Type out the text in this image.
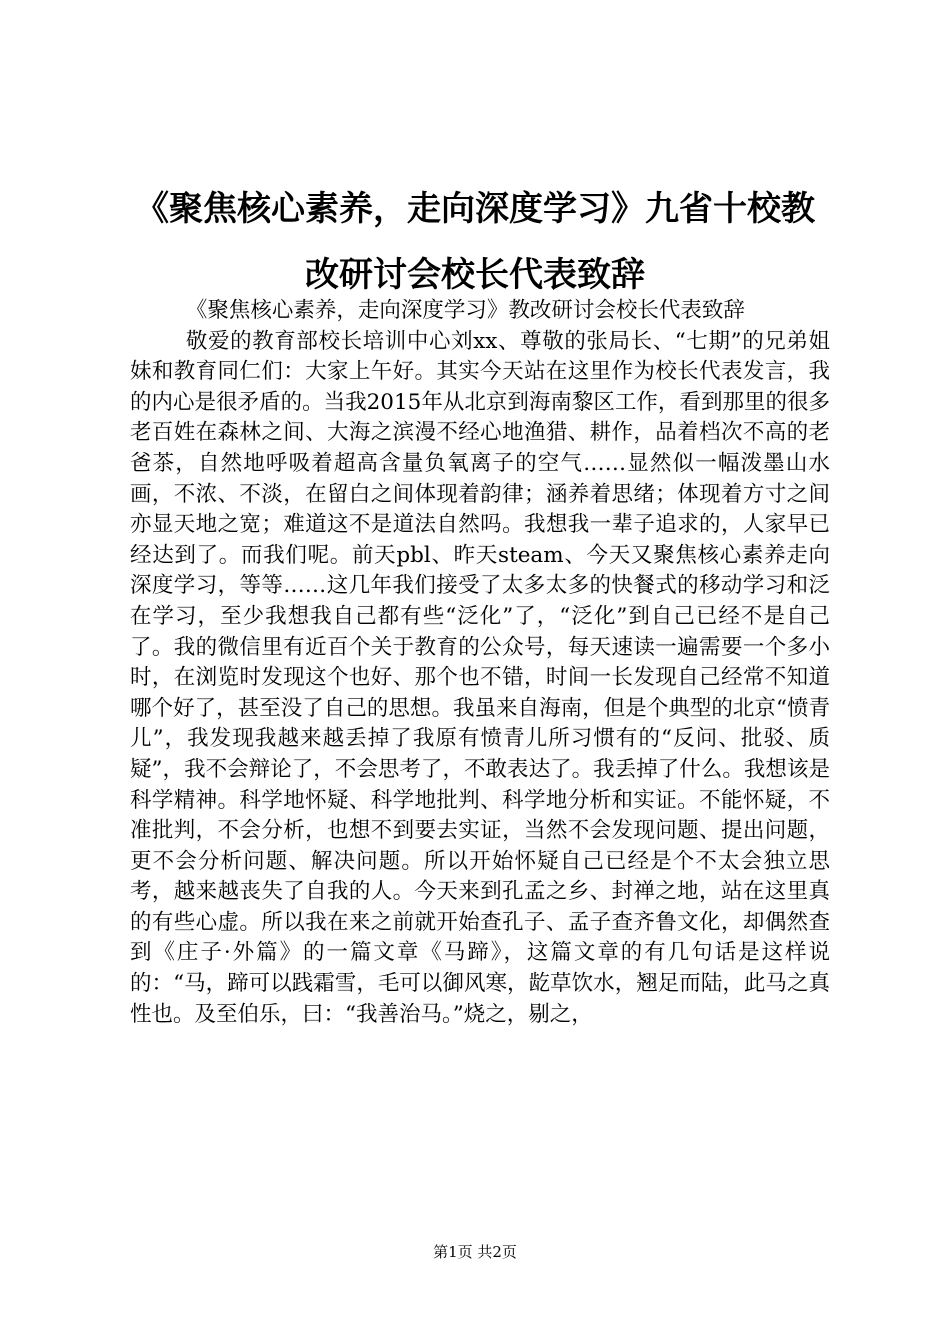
《聚焦核心素养，走向深度学习》九省十校教改研讨会校长代表致辞

《聚焦核心素养，走向深度学习》教改研讨会校长代表致辞

敬爱的教育部校长培训中心刘xx、尊敬的张局长、“七期”的兄弟姐妹和教育同仁们：大家上午好。其实今天站在这里作为校长代表发言，我的内心是很矛盾的。当我2015年从北京到海南黎区工作，看到那里的很多老百姓在森林之间、大海之滨漫不经心地渔猎、耕作，品着档次不高的老爸茶，自然地呼吸着超高含量负氧离子的空气……显然似一幅泼墨山水画，不浓、不淡，在留白之间体现着韵律；涵养着思绪；体现着方寸之间亦显天地之宽；难道这不是道法自然吗。我想我一辈子追求的，人家早已经达到了。而我们呢。前天pbl、昨天steam、今天又聚焦核心素养走向深度学习，等等……这几年我们接受了太多太多的快餐式的移动学习和泛在学习，至少我想我自己都有些“泛化”了，“泛化”到自己已经不是自己了。我的微信里有近百个关于教育的公众号，每天速读一遍需要一个多小时，在浏览时发现这个也好、那个也不错，时间一长发现自己经常不知道哪个好了，甚至没了自己的思想。我虽来自海南，但是个典型的北京“愤青儿”，我发现我越来越丢掉了我原有愤青儿所习惯有的“反问、批驳、质疑”，我不会辩论了，不会思考了，不敢表达了。我丢掉了什么。我想该是科学精神。科学地怀疑、科学地批判、科学地分析和实证。不能怀疑，不准批判，不会分析，也想不到要去实证，当然不会发现问题、提出问题，更不会分析问题、解决问题。所以开始怀疑自己已经是个不太会独立思考，越来越丧失了自我的人。今天来到孔孟之乡、封禅之地，站在这里真的有些心虚。所以我在来之前就开始查孔子、孟子查齐鲁文化，却偶然查到《庄子·外篇》的一篇文章《马蹄》，这篇文章的有几句话是这样说的：“马，蹄可以践霜雪，毛可以御风寒，龁草饮水，翘足而陆，此马之真性也。及至伯乐，曰：“我善治马。”烧之，剔之，

第1页 共2页
